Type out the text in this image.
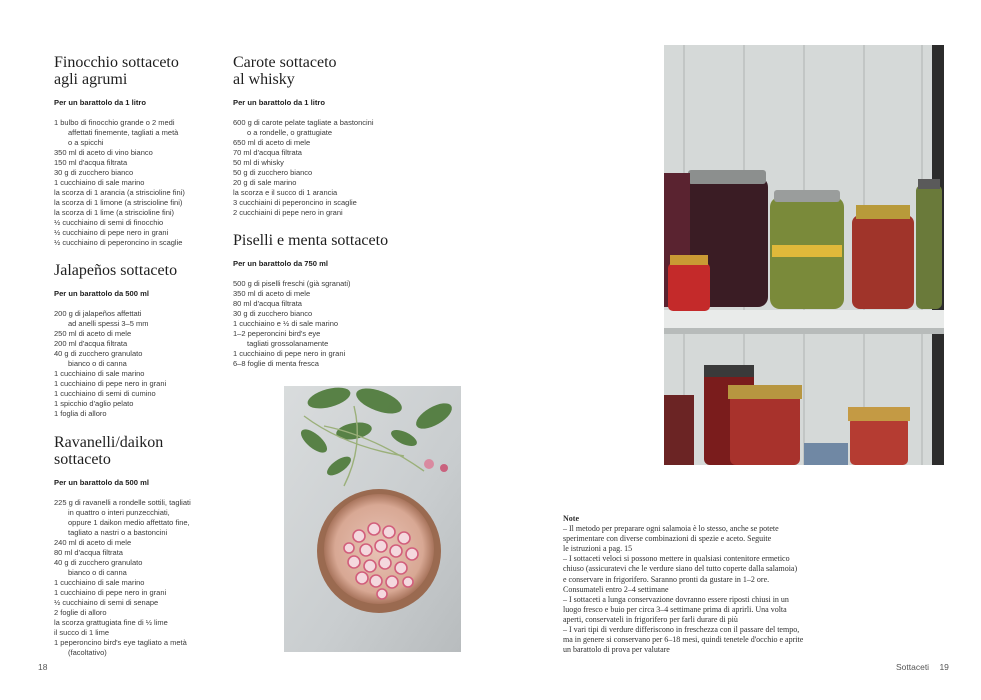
Finocchio sottaceto
agli agrumi

Per un barattolo da 1 litro

1 bulbo di finocchio grande o 2 medi
affettati finemente, tagliati a metà
o a spicchi
350 ml di aceto di vino bianco
150 ml d'acqua filtrata
30 g di zucchero bianco
1 cucchiaino di sale marino
la scorza di 1 arancia (a striscioline fini)
la scorza di 1 limone (a striscioline fini)
la scorza di 1 lime (a striscioline fini)
½ cucchiaino di semi di finocchio
½ cucchiaino di pepe nero in grani
½ cucchiaino di peperoncino in scaglie
Jalapeños sottaceto

Per un barattolo da 500 ml

200 g di jalapeños affettati
ad anelli spessi 3–5 mm
250 ml di aceto di mele
200 ml d'acqua filtrata
40 g di zucchero granulato
bianco o di canna
1 cucchiaino di sale marino
1 cucchiaino di pepe nero in grani
1 cucchiaino di semi di cumino
1 spicchio d'aglio pelato
1 foglia di alloro
Ravanelli/daikon
sottaceto

Per un barattolo da 500 ml

225 g di ravanelli a rondelle sottili, tagliati
in quattro o interi punzecchiati,
oppure 1 daikon medio affettato fine,
tagliato a nastri o a bastoncini
240 ml di aceto di mele
80 ml d'acqua filtrata
40 g di zucchero granulato
bianco o di canna
1 cucchiaino di sale marino
1 cucchiaino di pepe nero in grani
½ cucchiaino di semi di senape
2 foglie di alloro
la scorza grattugiata fine di ½ lime
il succo di 1 lime
1 peperoncino bird's eye tagliato a metà
(facoltativo)
Carote sottaceto
al whisky

Per un barattolo da 1 litro

600 g di carote pelate tagliate a bastoncini
o a rondelle, o grattugiate
650 ml di aceto di mele
70 ml d'acqua filtrata
50 ml di whisky
50 g di zucchero bianco
20 g di sale marino
la scorza e il succo di 1 arancia
3 cucchiaini di peperoncino in scaglie
2 cucchiaini di pepe nero in grani
Piselli e menta sottaceto

Per un barattolo da 750 ml

500 g di piselli freschi (già sgranati)
350 ml di aceto di mele
80 ml d'acqua filtrata
30 g di zucchero bianco
1 cucchiaino e ½ di sale marino
1–2 peperoncini bird's eye
tagliati grossolanamente
1 cucchiaino di pepe nero in grani
6–8 foglie di menta fresca

Note

– Il metodo per preparare ogni salamoia è lo stesso, anche se potete
sperimentare con diverse combinazioni di spezie e aceto. Seguite
le istruzioni a pag. 15
– I sottaceti veloci si possono mettere in qualsiasi contenitore ermetico
chiuso (assicuratevi che le verdure siano del tutto coperte dalla salamoia)
e conservare in frigorifero. Saranno pronti da gustare in 1–2 ore.
Consumateli entro 2–4 settimane
– I sottaceti a lunga conservazione dovranno essere riposti chiusi in un
luogo fresco e buio per circa 3–4 settimane prima di aprirli. Una volta
aperti, conservateli in frigorifero per farli durare di più
– I vari tipi di verdure differiscono in freschezza con il passare del tempo,
ma in genere si conservano per 6–18 mesi, quindi tenetele d'occhio e aprite
un barattolo di prova per valutare
18	Sottaceti 19
